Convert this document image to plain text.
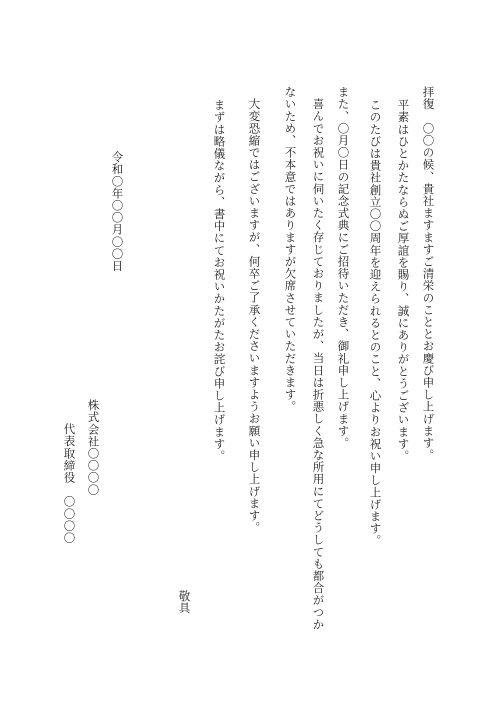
拝復　〇〇の候、貴社ますますご清栄のこととお慶び申し上げます。
平素はひとかたならぬご厚誼を賜り、誠にありがとうございます。
このたびは貴社創立〇〇周年を迎えられるとのこと、心よりお祝い申し上げます。
また、〇月〇日の記念式典にご招待いただき、御礼申し上げます。
喜んでお祝いに伺いたく存じておりましたが、当日は折悪しく急な所用にてどうしても都合がつか
ないため、不本意ではありますが欠席させていただきます。
大変恐縮ではございますが、何卒ご了承くださいますようお願い申し上げます。
まずは略儀ながら、書中にてお祝いかたがたお詫び申し上げます。
令和〇年〇〇月〇〇日
敬具
株式会社〇〇〇〇
代表取締役　〇〇〇〇
